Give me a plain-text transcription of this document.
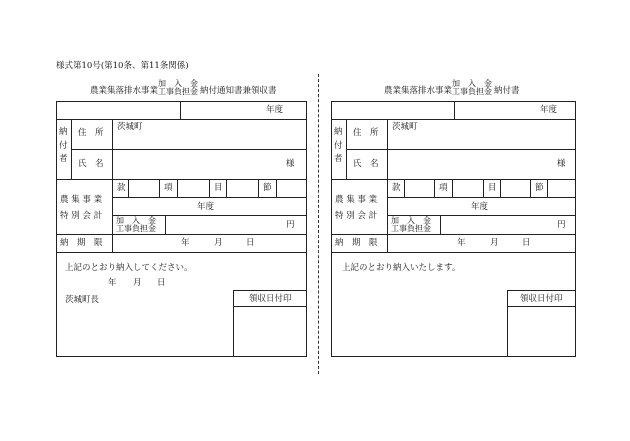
様式第10号(第10条、第11条関係)
農業集落排水事業
加　入　金
工事負担金 納付通知書兼領収書
年度
納
付
者
住　所
茨城町
氏　名	様
農 集 事 業
特 別 会 計
款	項	目	節
年度
加　入　金
工事負担金	円
納　期　限	年	月	日
上記のとおり納入してください。
年 月 日
茨城町長	領収日付印
農業集落排水事業
加　入　金
工事負担金 納付書
年度
納
付
者
住　所
茨城町
氏　名	様
農 集 事 業
特 別 会 計
款	項	目	節
年度
加　入　金
工事負担金	円
納　期　限	年	月	日
上記のとおり納入いたします。
領収日付印
